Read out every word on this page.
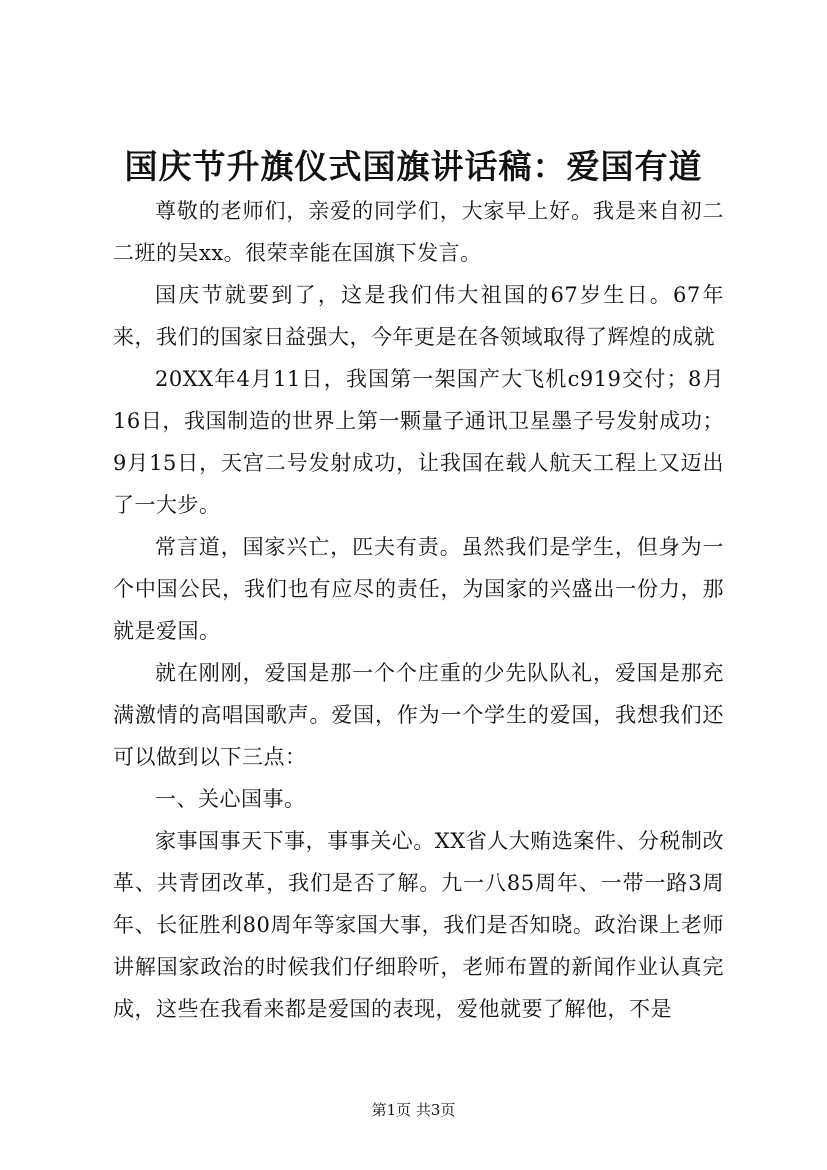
国庆节升旗仪式国旗讲话稿：爱国有道

尊敬的老师们，亲爱的同学们，大家早上好。我是来自初二二班的吴xx。很荣幸能在国旗下发言。

国庆节就要到了，这是我们伟大祖国的67岁生日。67年来，我们的国家日益强大，今年更是在各领域取得了辉煌的成就

20XX年4月11日，我国第一架国产大飞机c919交付；8月16日，我国制造的世界上第一颗量子通讯卫星墨子号发射成功；9月15日，天宫二号发射成功，让我国在载人航天工程上又迈出了一大步。

常言道，国家兴亡，匹夫有责。虽然我们是学生，但身为一个中国公民，我们也有应尽的责任，为国家的兴盛出一份力，那就是爱国。

就在刚刚，爱国是那一个个庄重的少先队队礼，爱国是那充满激情的高唱国歌声。爱国，作为一个学生的爱国，我想我们还可以做到以下三点：

一、关心国事。

家事国事天下事，事事关心。XX省人大贿选案件、分税制改革、共青团改革，我们是否了解。九一八85周年、一带一路3周年、长征胜利80周年等家国大事，我们是否知晓。政治课上老师讲解国家政治的时候我们仔细聆听，老师布置的新闻作业认真完成，这些在我看来都是爱国的表现，爱他就要了解他，不是

第1页 共3页
